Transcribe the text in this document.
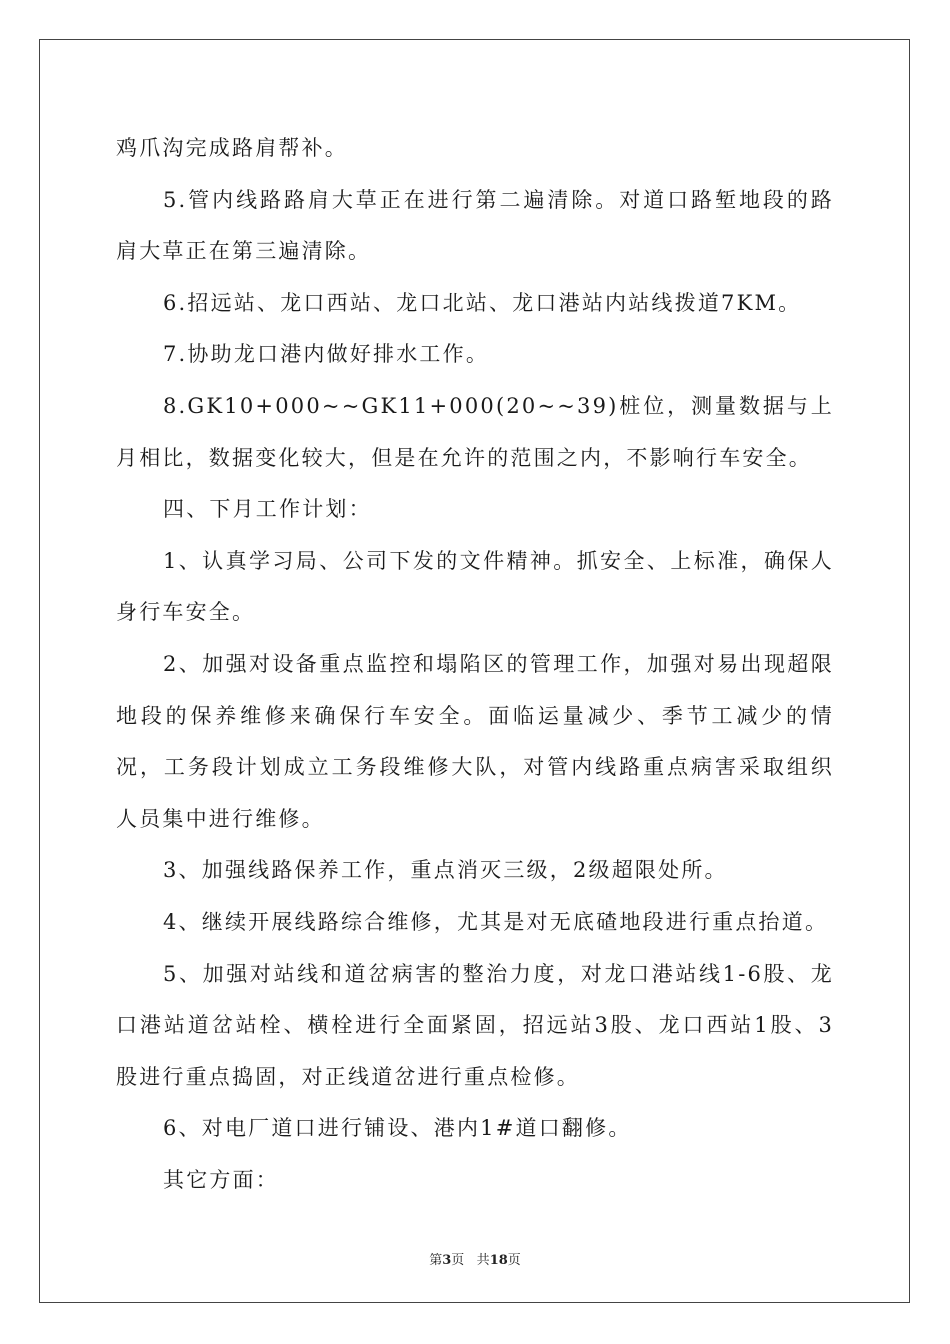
鸡爪沟完成路肩帮补。

5.管内线路路肩大草正在进行第二遍清除。对道口路堑地段的路肩大草正在第三遍清除。

6.招远站、龙口西站、龙口北站、龙口港站内站线拨道7KM。

7.协助龙口港内做好排水工作。

8.GK10+000~~GK11+000(20~~39)桩位，测量数据与上月相比，数据变化较大，但是在允许的范围之内，不影响行车安全。

四、下月工作计划：

1、认真学习局、公司下发的文件精神。抓安全、上标准，确保人身行车安全。

2、加强对设备重点监控和塌陷区的管理工作，加强对易出现超限地段的保养维修来确保行车安全。面临运量减少、季节工减少的情况，工务段计划成立工务段维修大队，对管内线路重点病害采取组织人员集中进行维修。

3、加强线路保养工作，重点消灭三级，2级超限处所。

4、继续开展线路综合维修，尤其是对无底碴地段进行重点抬道。

5、加强对站线和道岔病害的整治力度，对龙口港站线1-6股、龙口港站道岔站栓、横栓进行全面紧固，招远站3股、龙口西站1股、3股进行重点捣固，对正线道岔进行重点检修。

6、对电厂道口进行铺设、港内1#道口翻修。

其它方面：

第3页 共18页
